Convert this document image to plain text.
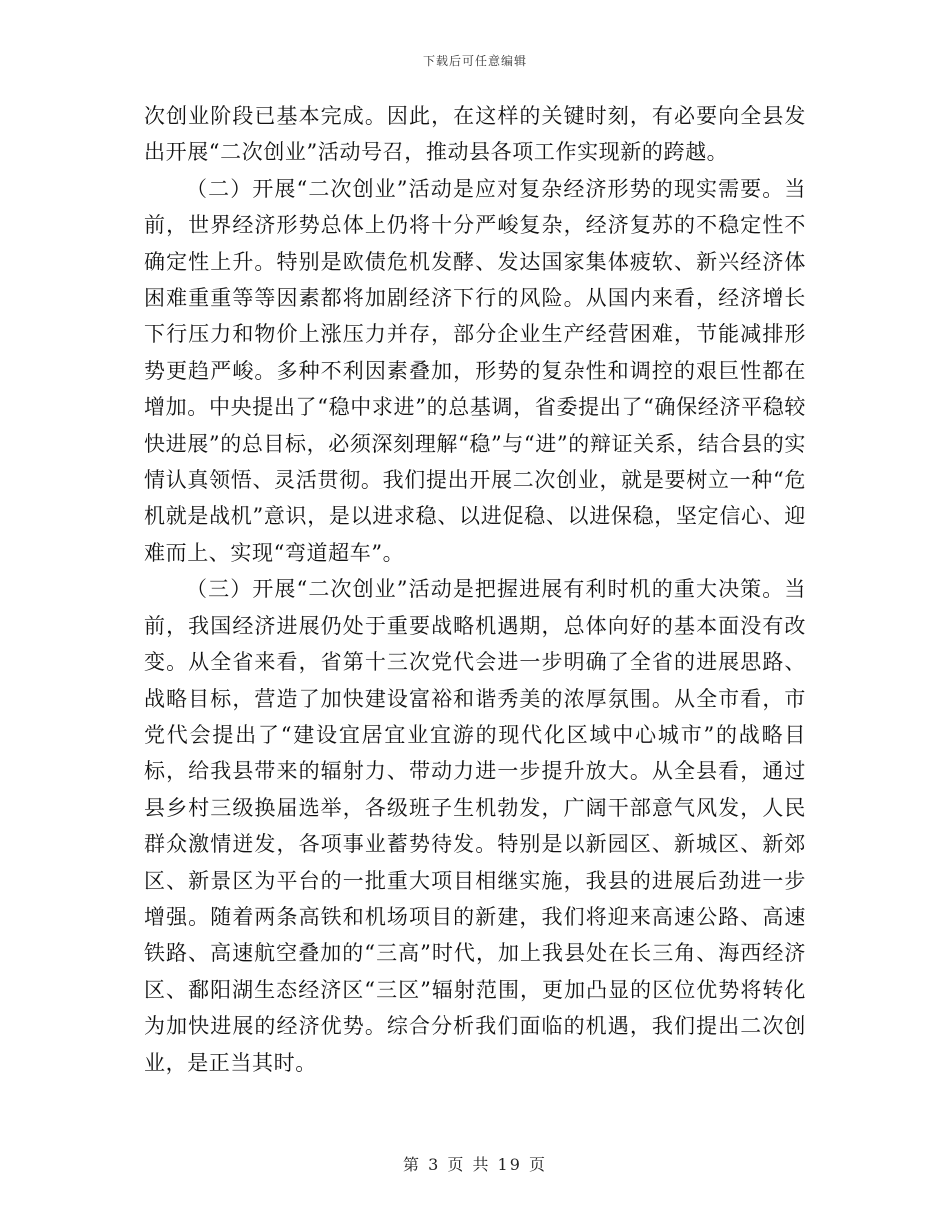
下载后可任意编辑

次创业阶段已基本完成。因此，在这样的关键时刻，有必要向全县发出开展“二次创业”活动号召，推动县各项工作实现新的跨越。

（二）开展“二次创业”活动是应对复杂经济形势的现实需要。当前，世界经济形势总体上仍将十分严峻复杂，经济复苏的不稳定性不确定性上升。特别是欧债危机发酵、发达国家集体疲软、新兴经济体困难重重等等因素都将加剧经济下行的风险。从国内来看，经济增长下行压力和物价上涨压力并存，部分企业生产经营困难，节能减排形势更趋严峻。多种不利因素叠加，形势的复杂性和调控的艰巨性都在增加。中央提出了“稳中求进”的总基调，省委提出了“确保经济平稳较快进展”的总目标，必须深刻理解“稳”与“进”的辩证关系，结合县的实情认真领悟、灵活贯彻。我们提出开展二次创业，就是要树立一种“危机就是战机”意识，是以进求稳、以进促稳、以进保稳，坚定信心、迎难而上、实现“弯道超车”。

（三）开展“二次创业”活动是把握进展有利时机的重大决策。当前，我国经济进展仍处于重要战略机遇期，总体向好的基本面没有改变。从全省来看，省第十三次党代会进一步明确了全省的进展思路、战略目标，营造了加快建设富裕和谐秀美的浓厚氛围。从全市看，市党代会提出了“建设宜居宜业宜游的现代化区域中心城市”的战略目标，给我县带来的辐射力、带动力进一步提升放大。从全县看，通过县乡村三级换届选举，各级班子生机勃发，广阔干部意气风发，人民群众激情迸发，各项事业蓄势待发。特别是以新园区、新城区、新郊区、新景区为平台的一批重大项目相继实施，我县的进展后劲进一步增强。随着两条高铁和机场项目的新建，我们将迎来高速公路、高速铁路、高速航空叠加的“三高”时代，加上我县处在长三角、海西经济区、鄱阳湖生态经济区“三区”辐射范围，更加凸显的区位优势将转化为加快进展的经济优势。综合分析我们面临的机遇，我们提出二次创业，是正当其时。

第 3 页 共 19 页
